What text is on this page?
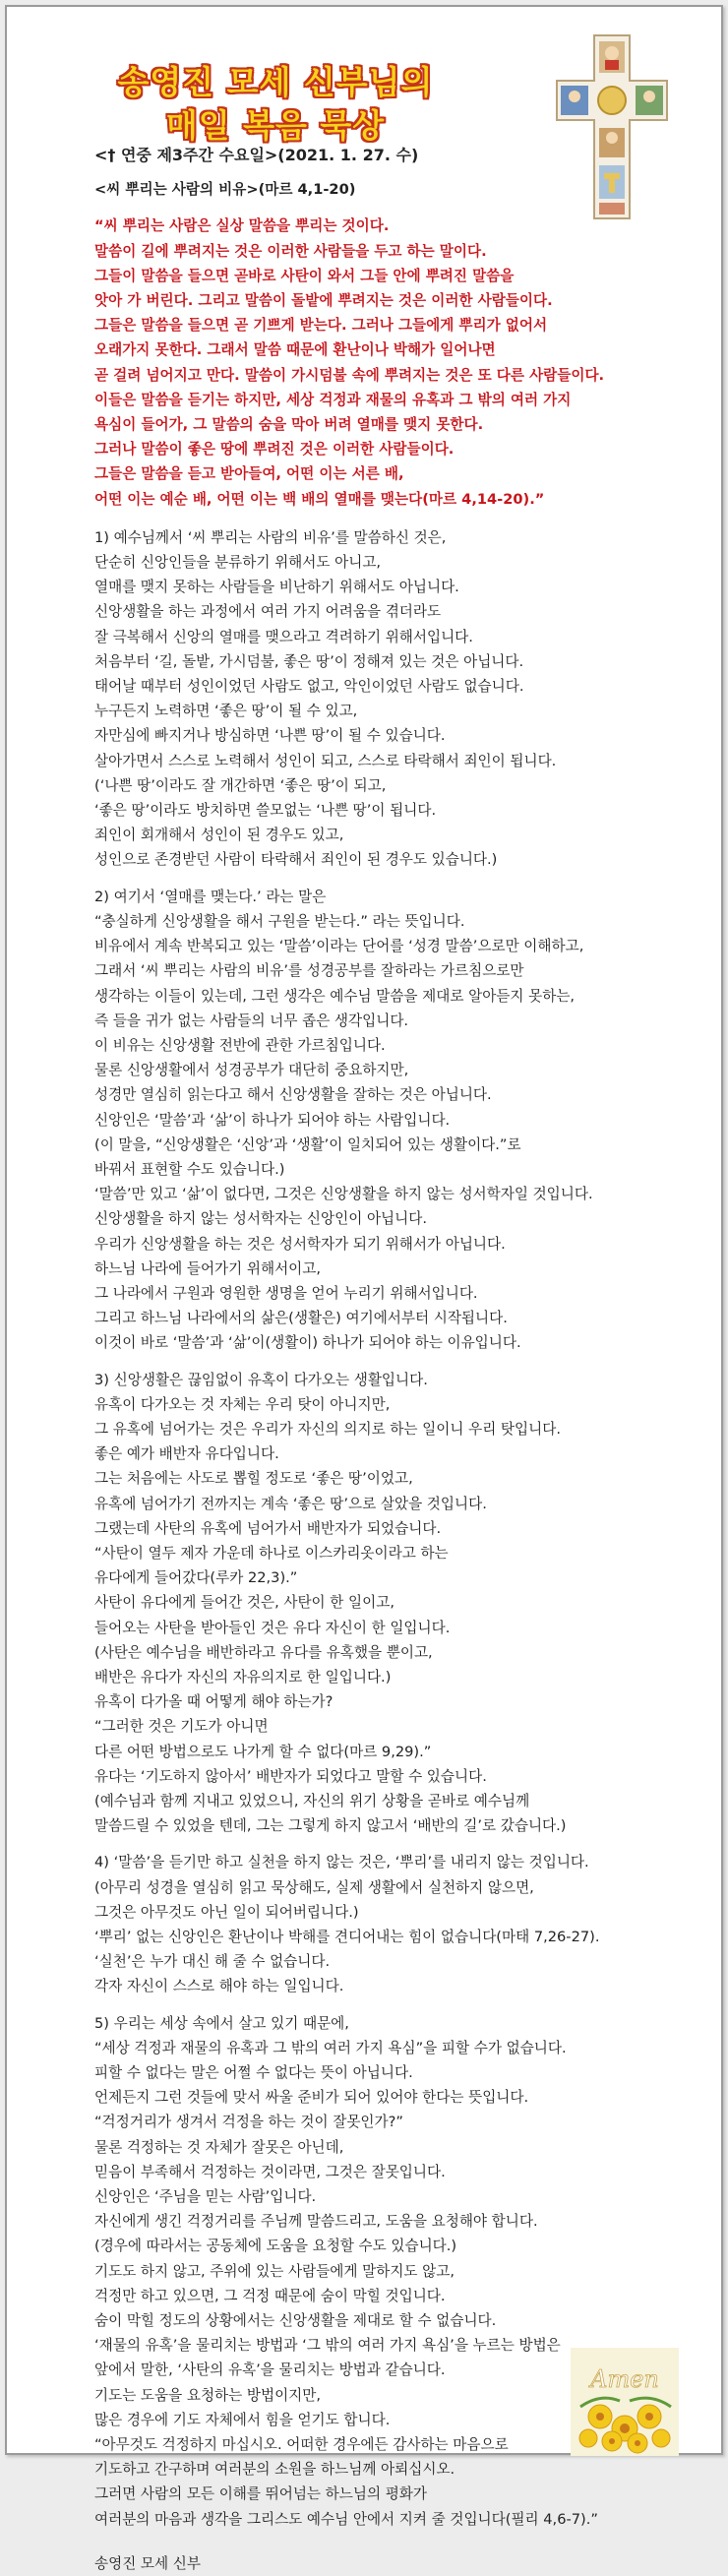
송영진 모세 신부님의
매일 복음 묵상
<† 연중 제3주간 수요일>(2021. 1. 27. 수)
<씨 뿌리는 사람의 비유>(마르 4,1-20)
“씨 뿌리는 사람은 실상 말씀을 뿌리는 것이다.
말씀이 길에 뿌려지는 것은 이러한 사람들을 두고 하는 말이다.
그들이 말씀을 들으면 곧바로 사탄이 와서 그들 안에 뿌려진 말씀을
앗아 가 버린다. 그리고 말씀이 돌밭에 뿌려지는 것은 이러한 사람들이다.
그들은 말씀을 들으면 곧 기쁘게 받는다. 그러나 그들에게 뿌리가 없어서
오래가지 못한다. 그래서 말씀 때문에 환난이나 박해가 일어나면
곧 걸려 넘어지고 만다. 말씀이 가시덤불 속에 뿌려지는 것은 또 다른 사람들이다.
이들은 말씀을 듣기는 하지만, 세상 걱정과 재물의 유혹과 그 밖의 여러 가지
욕심이 들어가, 그 말씀의 숨을 막아 버려 열매를 맺지 못한다.
그러나 말씀이 좋은 땅에 뿌려진 것은 이러한 사람들이다.
그들은 말씀을 듣고 받아들여, 어떤 이는 서른 배,
어떤 이는 예순 배, 어떤 이는 백 배의 열매를 맺는다(마르 4,14-20).”
1) 예수님께서 ‘씨 뿌리는 사람의 비유’를 말씀하신 것은,
단순히 신앙인들을 분류하기 위해서도 아니고,
열매를 맺지 못하는 사람들을 비난하기 위해서도 아닙니다.
신앙생활을 하는 과정에서 여러 가지 어려움을 겪더라도
잘 극복해서 신앙의 열매를 맺으라고 격려하기 위해서입니다.
처음부터 ‘길, 돌밭, 가시덤불, 좋은 땅’이 정해져 있는 것은 아닙니다.
태어날 때부터 성인이었던 사람도 없고, 악인이었던 사람도 없습니다.
누구든지 노력하면 ‘좋은 땅’이 될 수 있고,
자만심에 빠지거나 방심하면 ‘나쁜 땅’이 될 수 있습니다.
살아가면서 스스로 노력해서 성인이 되고, 스스로 타락해서 죄인이 됩니다.
(‘나쁜 땅’이라도 잘 개간하면 ‘좋은 땅’이 되고,
‘좋은 땅’이라도 방치하면 쓸모없는 ‘나쁜 땅’이 됩니다.
죄인이 회개해서 성인이 된 경우도 있고,
성인으로 존경받던 사람이 타락해서 죄인이 된 경우도 있습니다.)
2) 여기서 ‘열매를 맺는다.’ 라는 말은
“충실하게 신앙생활을 해서 구원을 받는다.” 라는 뜻입니다.
비유에서 계속 반복되고 있는 ‘말씀’이라는 단어를 ‘성경 말씀’으로만 이해하고,
그래서 ‘씨 뿌리는 사람의 비유’를 성경공부를 잘하라는 가르침으로만
생각하는 이들이 있는데, 그런 생각은 예수님 말씀을 제대로 알아듣지 못하는,
즉 들을 귀가 없는 사람들의 너무 좁은 생각입니다.
이 비유는 신앙생활 전반에 관한 가르침입니다.
물론 신앙생활에서 성경공부가 대단히 중요하지만,
성경만 열심히 읽는다고 해서 신앙생활을 잘하는 것은 아닙니다.
신앙인은 ‘말씀’과 ‘삶’이 하나가 되어야 하는 사람입니다.
(이 말을, “신앙생활은 ‘신앙’과 ‘생활’이 일치되어 있는 생활이다.”로
바꿔서 표현할 수도 있습니다.)
‘말씀’만 있고 ‘삶’이 없다면, 그것은 신앙생활을 하지 않는 성서학자일 것입니다.
신앙생활을 하지 않는 성서학자는 신앙인이 아닙니다.
우리가 신앙생활을 하는 것은 성서학자가 되기 위해서가 아닙니다.
하느님 나라에 들어가기 위해서이고,
그 나라에서 구원과 영원한 생명을 얻어 누리기 위해서입니다.
그리고 하느님 나라에서의 삶은(생활은) 여기에서부터 시작됩니다.
이것이 바로 ‘말씀’과 ‘삶’이(생활이) 하나가 되어야 하는 이유입니다.
3) 신앙생활은 끊임없이 유혹이 다가오는 생활입니다.
유혹이 다가오는 것 자체는 우리 탓이 아니지만,
그 유혹에 넘어가는 것은 우리가 자신의 의지로 하는 일이니 우리 탓입니다.
좋은 예가 배반자 유다입니다.
그는 처음에는 사도로 뽑힐 정도로 ‘좋은 땅’이었고,
유혹에 넘어가기 전까지는 계속 ‘좋은 땅’으로 살았을 것입니다.
그랬는데 사탄의 유혹에 넘어가서 배반자가 되었습니다.
“사탄이 열두 제자 가운데 하나로 이스카리옷이라고 하는
유다에게 들어갔다(루카 22,3).”
사탄이 유다에게 들어간 것은, 사탄이 한 일이고,
들어오는 사탄을 받아들인 것은 유다 자신이 한 일입니다.
(사탄은 예수님을 배반하라고 유다를 유혹했을 뿐이고,
배반은 유다가 자신의 자유의지로 한 일입니다.)
유혹이 다가올 때 어떻게 해야 하는가?
“그러한 것은 기도가 아니면
다른 어떤 방법으로도 나가게 할 수 없다(마르 9,29).”
유다는 ‘기도하지 않아서’ 배반자가 되었다고 말할 수 있습니다.
(예수님과 함께 지내고 있었으니, 자신의 위기 상황을 곧바로 예수님께
말씀드릴 수 있었을 텐데, 그는 그렇게 하지 않고서 ‘배반의 길’로 갔습니다.)
4) ‘말씀’을 듣기만 하고 실천을 하지 않는 것은, ‘뿌리’를 내리지 않는 것입니다.
(아무리 성경을 열심히 읽고 묵상해도, 실제 생활에서 실천하지 않으면,
그것은 아무것도 아닌 일이 되어버립니다.)
‘뿌리’ 없는 신앙인은 환난이나 박해를 견디어내는 힘이 없습니다(마태 7,26-27).
‘실천’은 누가 대신 해 줄 수 없습니다.
각자 자신이 스스로 해야 하는 일입니다.
5) 우리는 세상 속에서 살고 있기 때문에,
“세상 걱정과 재물의 유혹과 그 밖의 여러 가지 욕심”을 피할 수가 없습니다.
피할 수 없다는 말은 어쩔 수 없다는 뜻이 아닙니다.
언제든지 그런 것들에 맞서 싸울 준비가 되어 있어야 한다는 뜻입니다.
“걱정거리가 생겨서 걱정을 하는 것이 잘못인가?”
물론 걱정하는 것 자체가 잘못은 아닌데,
믿음이 부족해서 걱정하는 것이라면, 그것은 잘못입니다.
신앙인은 ‘주님을 믿는 사람’입니다.
자신에게 생긴 걱정거리를 주님께 말씀드리고, 도움을 요청해야 합니다.
(경우에 따라서는 공동체에 도움을 요청할 수도 있습니다.)
기도도 하지 않고, 주위에 있는 사람들에게 말하지도 않고,
걱정만 하고 있으면, 그 걱정 때문에 숨이 막힐 것입니다.
숨이 막힐 정도의 상황에서는 신앙생활을 제대로 할 수 없습니다.
‘재물의 유혹’을 물리치는 방법과 ‘그 밖의 여러 가지 욕심’을 누르는 방법은
앞에서 말한, ‘사탄의 유혹’을 물리치는 방법과 같습니다.
기도는 도움을 요청하는 방법이지만,
많은 경우에 기도 자체에서 힘을 얻기도 합니다.
“아무것도 걱정하지 마십시오. 어떠한 경우에든 감사하는 마음으로
기도하고 간구하며 여러분의 소원을 하느님께 아뢰십시오.
그러면 사람의 모든 이해를 뛰어넘는 하느님의 평화가
여러분의 마음과 생각을 그리스도 예수님 안에서 지켜 줄 것입니다(필리 4,6-7).”
송영진 모세 신부
Amen
